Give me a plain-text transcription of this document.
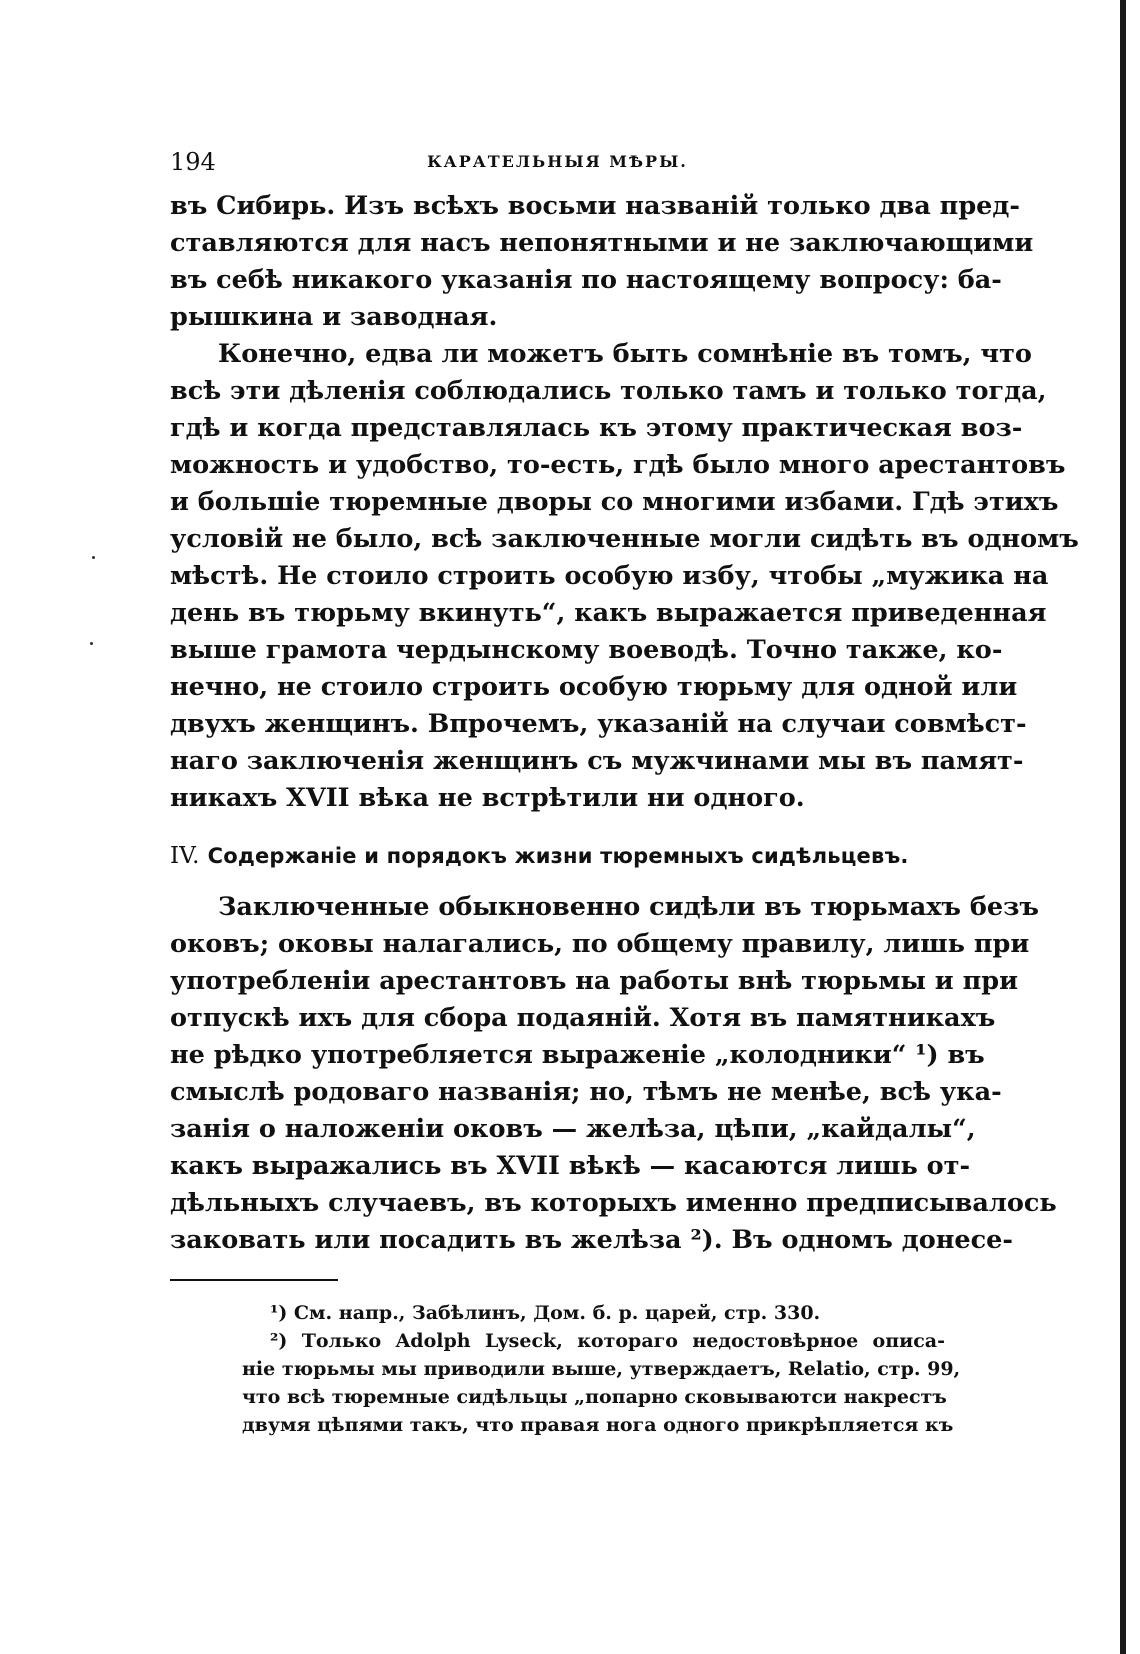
194	КАРАТЕЛЬНЫЯ МѢРЫ.
въ Сибирь. Изъ всѣхъ восьми названій только два пред-
ставляются для насъ непонятными и не заключающими
въ себѣ никакого указанія по настоящему вопросу: ба-
рышкина и заводная.
Конечно, едва ли можетъ быть сомнѣніе въ томъ, что
всѣ эти дѣленія соблюдались только тамъ и только тогда,
гдѣ и когда представлялась къ этому практическая воз-
можность и удобство, то-есть, гдѣ было много арестантовъ
и большіе тюремные дворы со многими избами. Гдѣ этихъ
условій не было, всѣ заключенные могли сидѣть въ одномъ
мѣстѣ. Не стоило строить особую избу, чтобы „мужика на
день въ тюрьму вкинуть“, какъ выражается приведенная
выше грамота чердынскому воеводѣ. Точно также, ко-
нечно, не стоило строить особую тюрьму для одной или
двухъ женщинъ. Впрочемъ, указаній на случаи совмѣст-
наго заключенія женщинъ съ мужчинами мы въ памят-
никахъ XVII вѣка не встрѣтили ни одного.
IV. Содержаніе и порядокъ жизни тюремныхъ сидѣльцевъ.
Заключенные обыкновенно сидѣли въ тюрьмахъ безъ
оковъ; оковы налагались, по общему правилу, лишь при
употребленіи арестантовъ на работы внѣ тюрьмы и при
отпускѣ ихъ для сбора подаяній. Хотя въ памятникахъ
не рѣдко употребляется выраженіе „колодники“ ¹) въ
смыслѣ родоваго названія; но, тѣмъ не менѣе, всѣ ука-
занія о наложеніи оковъ — желѣза, цѣпи, „кайдалы“,
какъ выражались въ XVII вѣкѣ — касаются лишь от-
дѣльныхъ случаевъ, въ которыхъ именно предписывалось
заковать или посадить въ желѣза ²). Въ одномъ донесе-
¹) См. напр., Забѣлинъ, Дом. б. р. царей, стр. 330.
²) Только Adolph Lyseck, котораго недостовѣрное описа-
ніе тюрьмы мы приводили выше, утверждаетъ, Relatio, стр. 99,
что всѣ тюремные сидѣльцы „попарно сковываютси накрестъ
двумя цѣпями такъ, что правая нога одного прикрѣпляется къ
